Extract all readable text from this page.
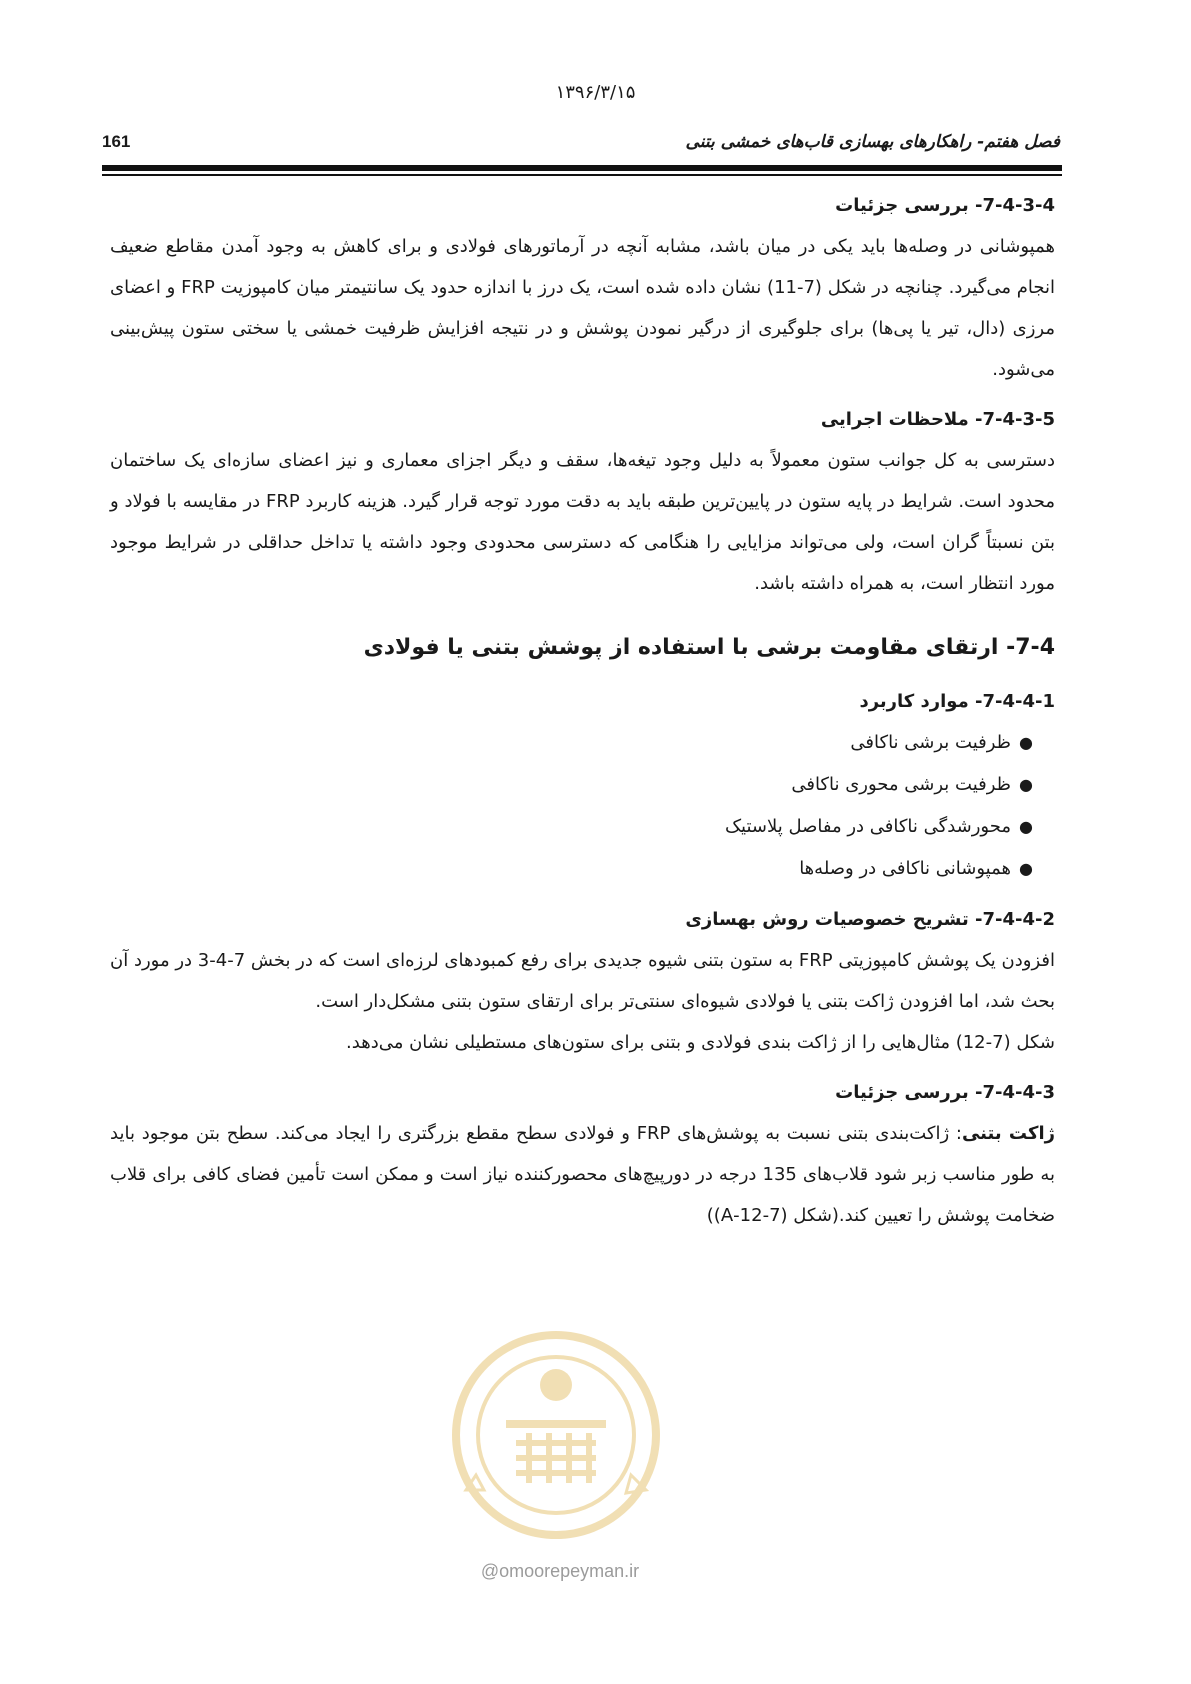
۱۳۹۶/۳/۱۵
فصل هفتم- راهکارهای بهسازی قاب‌های خمشی بتنی
161
7-4-3-4- بررسی جزئیات

همپوشانی در وصله‌ها باید یکی در میان باشد، مشابه آنچه در آرماتورهای فولادی و برای کاهش به وجود آمدن مقاطع ضعیف انجام می‌گیرد. چنانچه در شکل (7-11) نشان داده شده است، یک درز با اندازه حدود یک سانتیمتر میان کامپوزیت FRP و اعضای مرزی (دال، تیر یا پی‌ها) برای جلوگیری از درگیر نمودن پوشش و در نتیجه افزایش ظرفیت خمشی یا سختی ستون پیش‌بینی می‌شود.

7-4-3-5- ملاحظات اجرایی

دسترسی به کل جوانب ستون معمولاً به دلیل وجود تیغه‌ها، سقف و دیگر اجزای معماری و نیز اعضای سازه‌ای یک ساختمان محدود است. شرایط در پایه ستون در پایین‌ترین طبقه باید به دقت مورد توجه قرار گیرد. هزینه کاربرد FRP در مقایسه با فولاد و بتن نسبتاً گران است، ولی می‌تواند مزایایی را هنگامی که دسترسی محدودی وجود داشته یا تداخل حداقلی در شرایط موجود مورد انتظار است، به همراه داشته باشد.

7-4- ارتقای مقاومت برشی با استفاده از پوشش بتنی یا فولادی
7-4-4-1- موارد کاربرد
●
ظرفیت برشی ناکافی
●
ظرفیت برشی محوری ناکافی
●
محورشدگی ناکافی در مفاصل پلاستیک
●
همپوشانی ناکافی در وصله‌ها
7-4-4-2- تشریح خصوصیات روش بهسازی

افزودن یک پوشش کامپوزیتی FRP به ستون بتنی شیوه جدیدی برای رفع کمبودهای لرزه‌ای است که در بخش 7-4-3 در مورد آن بحث شد، اما افزودن ژاکت بتنی یا فولادی شیوه‌ای سنتی‌تر برای ارتقای ستون بتنی مشکل‌دار است.

شکل (7-12) مثال‌هایی را از ژاکت بندی فولادی و بتنی برای ستون‌های مستطیلی نشان می‌دهد.

7-4-4-3- بررسی جزئیات

ژاکت بتنی: ژاکت‌بندی بتنی نسبت به پوشش‌های FRP و فولادی سطح مقطع بزرگتری را ایجاد می‌کند. سطح بتن موجود باید به طور مناسب زبر شود قلاب‌های 135 درجه در دورپیچ‌های محصورکننده نیاز است و ممکن است تأمین فضای کافی برای قلاب ضخامت پوشش را تعیین کند.(شکل (7-12-A))

@omoorepeyman.ir
